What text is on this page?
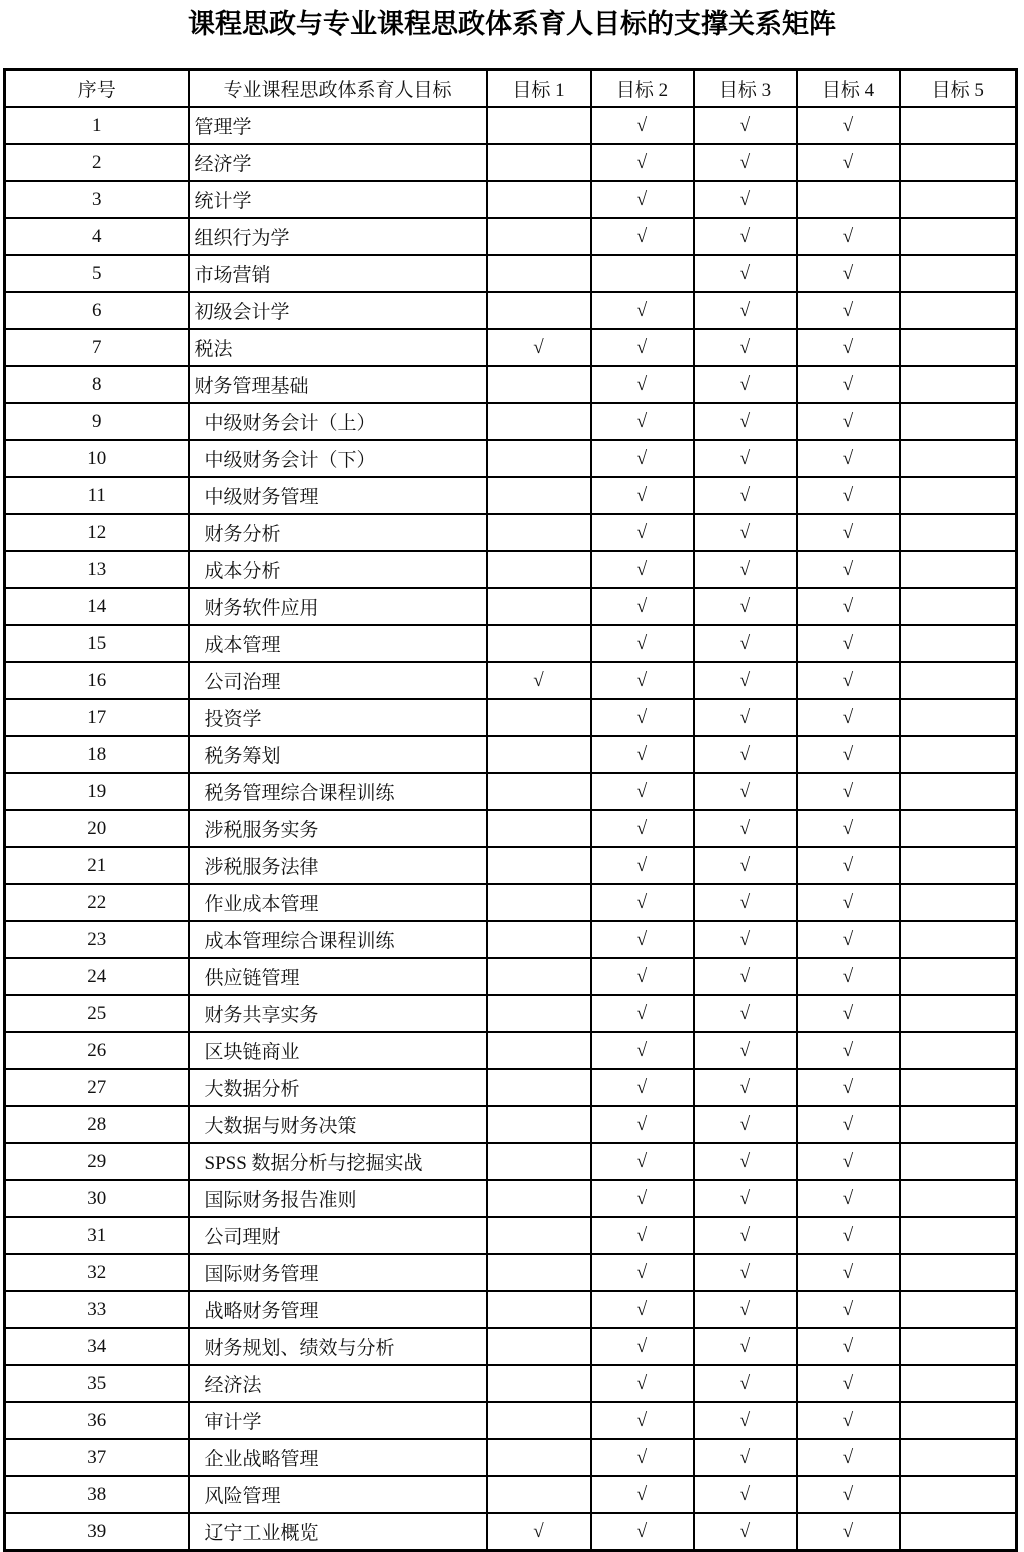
课程思政与专业课程思政体系育人目标的支撑关系矩阵
序号	专业课程思政体系育人目标	目标 1	目标 2	目标 3	目标 4	目标 5
1	管理学		√	√	√	
2	经济学		√	√	√	
3	统计学		√	√		
4	组织行为学		√	√	√	
5	市场营销			√	√	
6	初级会计学		√	√	√	
7	税法	√	√	√	√	
8	财务管理基础		√	√	√	
9	中级财务会计（上）		√	√	√	
10	中级财务会计（下）		√	√	√	
11	中级财务管理		√	√	√	
12	财务分析		√	√	√	
13	成本分析		√	√	√	
14	财务软件应用		√	√	√	
15	成本管理		√	√	√	
16	公司治理	√	√	√	√	
17	投资学		√	√	√	
18	税务筹划		√	√	√	
19	税务管理综合课程训练		√	√	√	
20	涉税服务实务		√	√	√	
21	涉税服务法律		√	√	√	
22	作业成本管理		√	√	√	
23	成本管理综合课程训练		√	√	√	
24	供应链管理		√	√	√	
25	财务共享实务		√	√	√	
26	区块链商业		√	√	√	
27	大数据分析		√	√	√	
28	大数据与财务决策		√	√	√	
29	SPSS 数据分析与挖掘实战		√	√	√	
30	国际财务报告准则		√	√	√	
31	公司理财		√	√	√	
32	国际财务管理		√	√	√	
33	战略财务管理		√	√	√	
34	财务规划、绩效与分析		√	√	√	
35	经济法		√	√	√	
36	审计学		√	√	√	
37	企业战略管理		√	√	√	
38	风险管理		√	√	√	
39	辽宁工业概览	√	√	√	√	
